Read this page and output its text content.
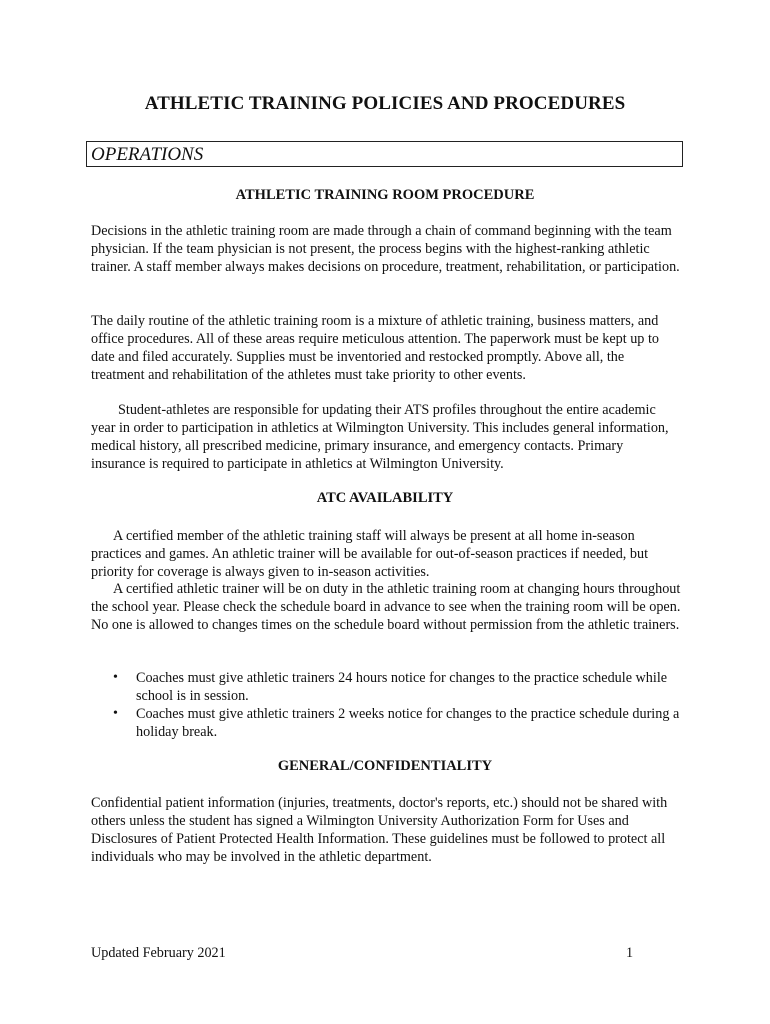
ATHLETIC TRAINING POLICIES AND PROCEDURES
OPERATIONS
ATHLETIC TRAINING ROOM PROCEDURE

Decisions in the athletic training room are made through a chain of command beginning with the team physician. If the team physician is not present, the process begins with the highest-ranking athletic trainer. A staff member always makes decisions on procedure, treatment, rehabilitation, or participation.

The daily routine of the athletic training room is a mixture of athletic training, business matters, and office procedures. All of these areas require meticulous attention. The paperwork must be kept up to date and filed accurately. Supplies must be inventoried and restocked promptly. Above all, the treatment and rehabilitation of the athletes must take priority to other events.

Student-athletes are responsible for updating their ATS profiles throughout the entire academic year in order to participation in athletics at Wilmington University. This includes general information, medical history, all prescribed medicine, primary insurance, and emergency contacts. Primary insurance is required to participate in athletics at Wilmington University.

ATC AVAILABILITY

A certified member of the athletic training staff will always be present at all home in-season practices and games. An athletic trainer will be available for out-of-season practices if needed, but priority for coverage is always given to in-season activities.

A certified athletic trainer will be on duty in the athletic training room at changing hours throughout the school year. Please check the schedule board in advance to see when the training room will be open. No one is allowed to changes times on the schedule board without permission from the athletic trainers.

• Coaches must give athletic trainers 24 hours notice for changes to the practice schedule while school is in session.
• Coaches must give athletic trainers 2 weeks notice for changes to the practice schedule during a holiday break.
GENERAL/CONFIDENTIALITY

Confidential patient information (injuries, treatments, doctor's reports, etc.) should not be shared with others unless the student has signed a Wilmington University Authorization Form for Uses and Disclosures of Patient Protected Health Information. These guidelines must be followed to protect all individuals who may be involved in the athletic department.

Updated February 2021	1
